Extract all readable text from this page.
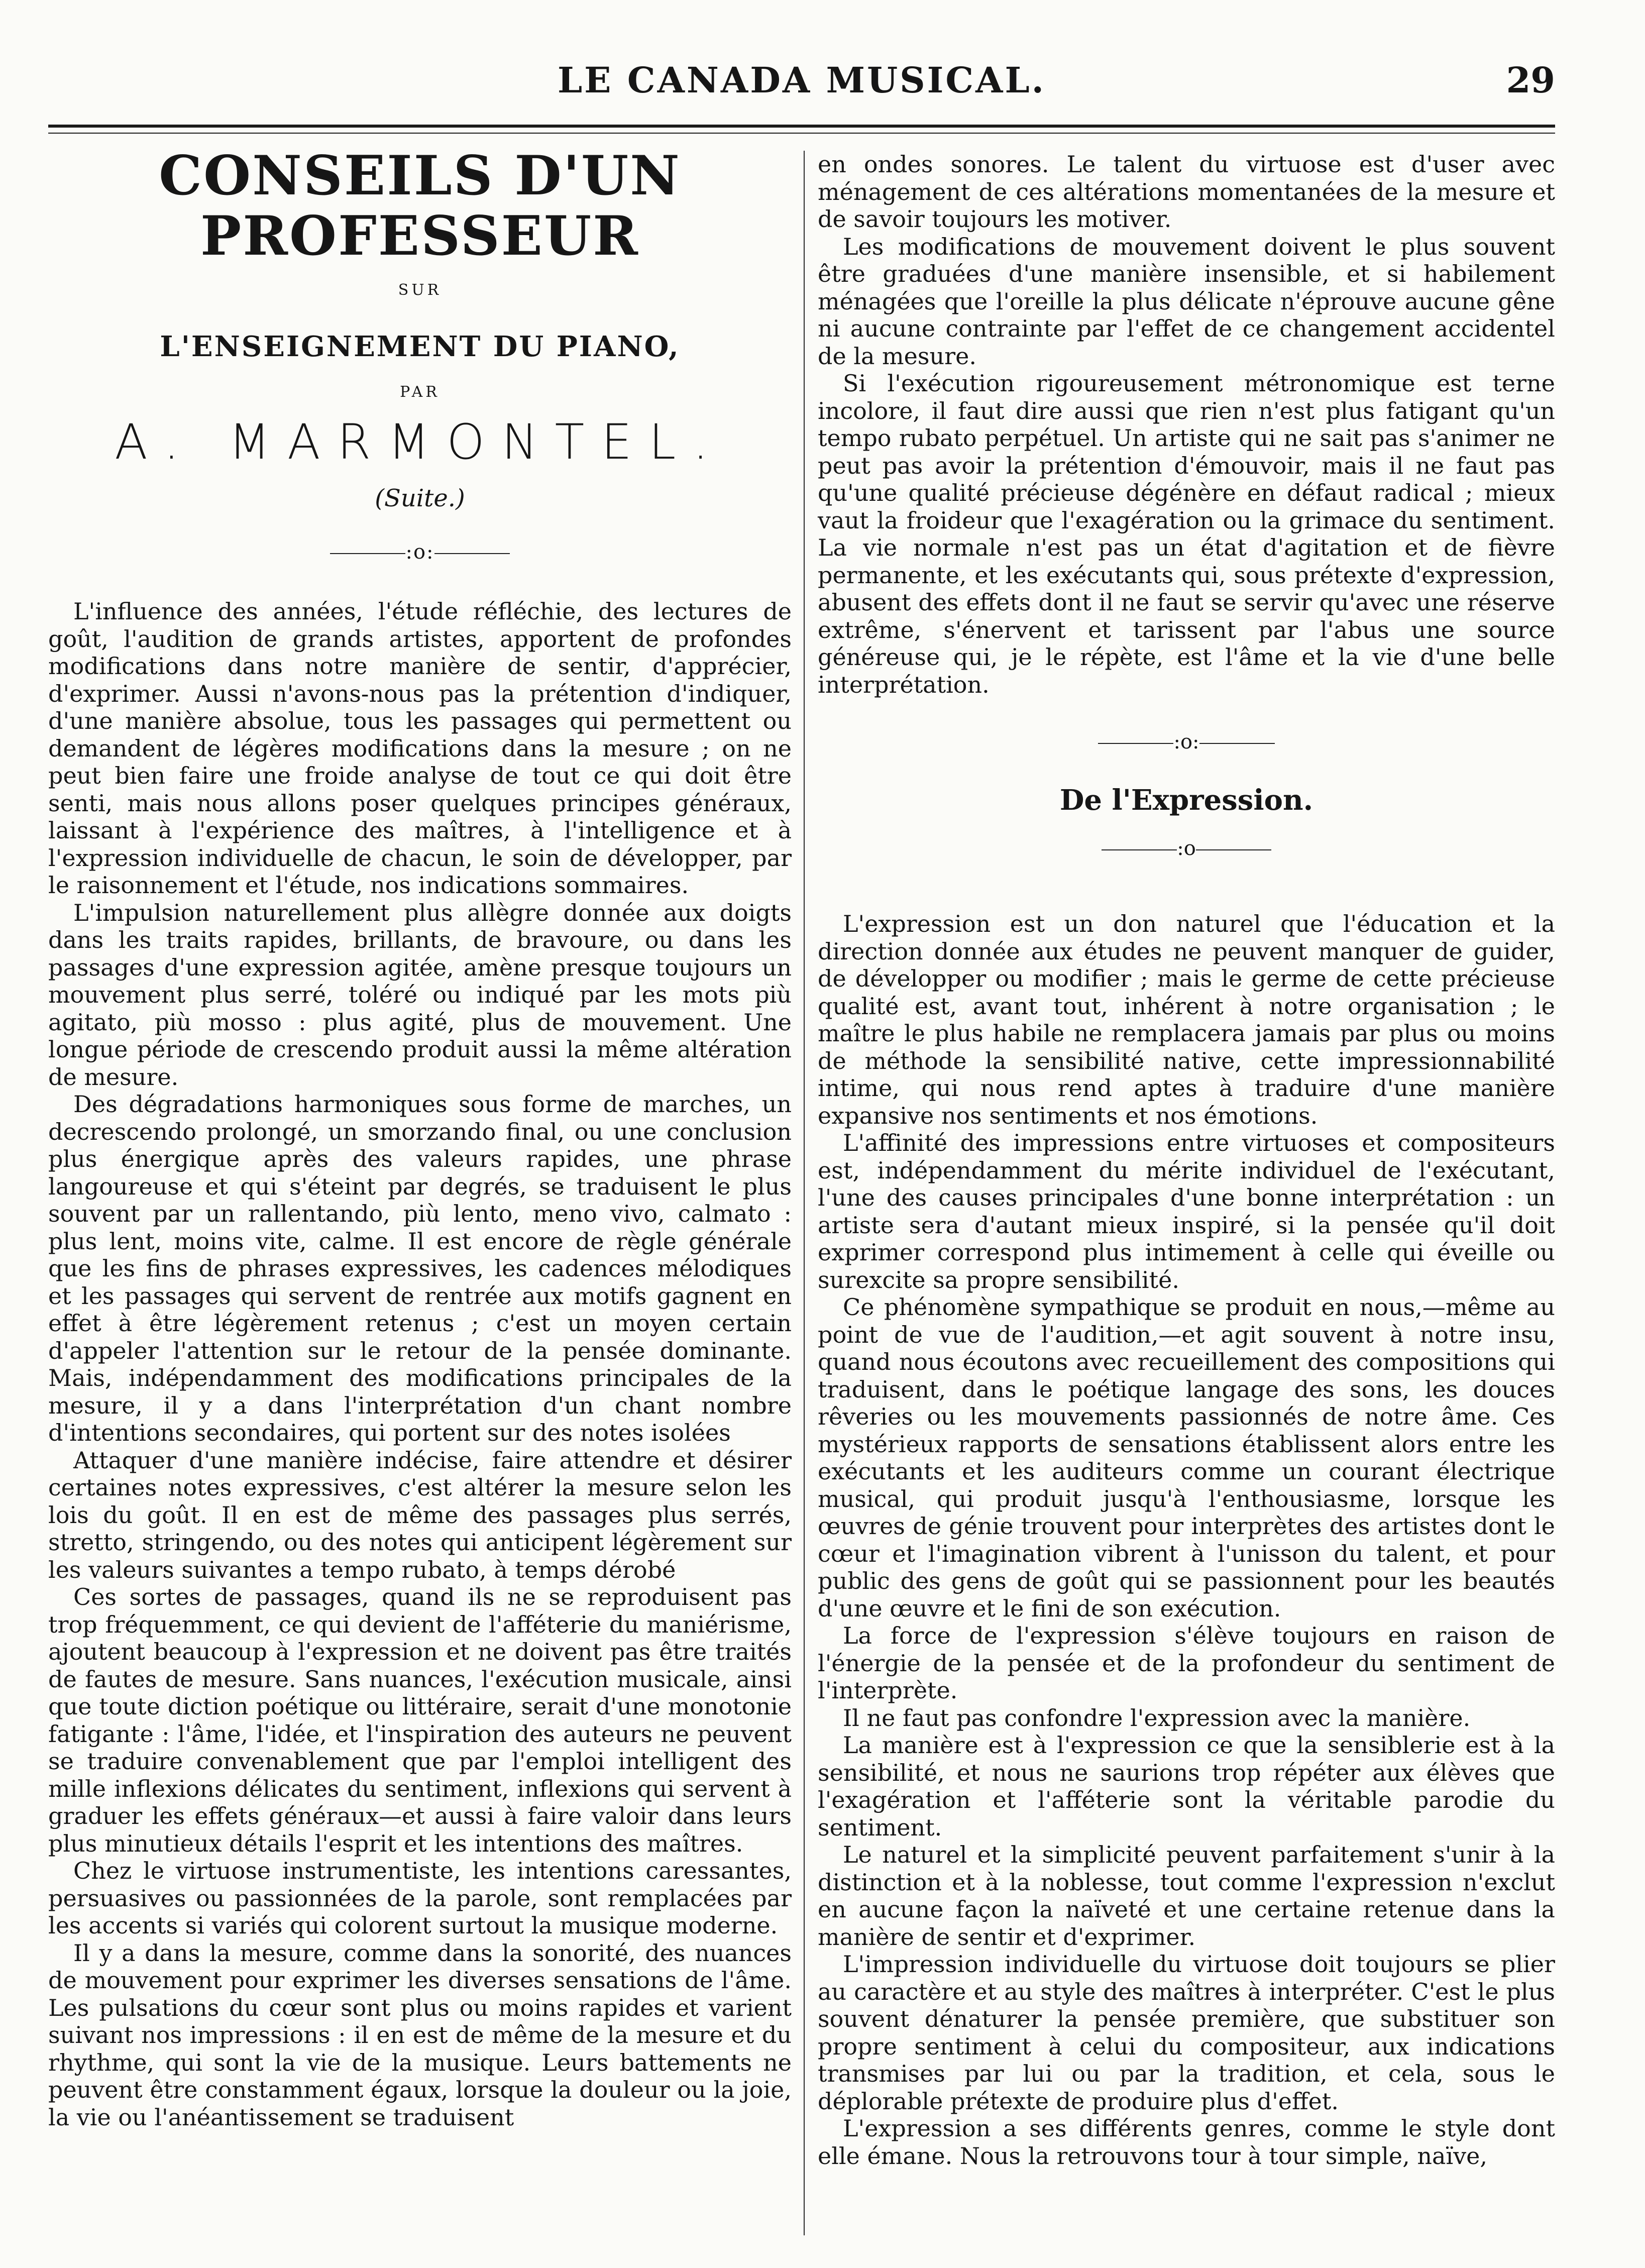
LE CANADA MUSICAL.	29
CONSEILS D'UN PROFESSEUR
SUR
L'ENSEIGNEMENT DU PIANO,
PAR
A. MARMONTEL.
(Suite.)
:o:

L'influence des années, l'étude réfléchie, des lectures de goût, l'audition de grands artistes, apportent de profondes modifications dans notre manière de sentir, d'apprécier, d'exprimer. Aussi n'avons-nous pas la prétention d'indiquer, d'une manière absolue, tous les passages qui permettent ou demandent de légères modifications dans la mesure ; on ne peut bien faire une froide analyse de tout ce qui doit être senti, mais nous allons poser quelques principes généraux, laissant à l'expérience des maîtres, à l'intelligence et à l'expression individuelle de chacun, le soin de développer, par le raisonnement et l'étude, nos indications sommaires.

L'impulsion naturellement plus allègre donnée aux doigts dans les traits rapides, brillants, de bravoure, ou dans les passages d'une expression agitée, amène presque toujours un mouvement plus serré, toléré ou indiqué par les mots più agitato, più mosso : plus agité, plus de mouvement. Une longue période de crescendo produit aussi la même altération de mesure.

Des dégradations harmoniques sous forme de marches, un decrescendo prolongé, un smorzando final, ou une conclusion plus énergique après des valeurs rapides, une phrase langoureuse et qui s'éteint par degrés, se traduisent le plus souvent par un rallentando, più lento, meno vivo, calmato : plus lent, moins vite, calme. Il est encore de règle générale que les fins de phrases expressives, les cadences mélodiques et les passages qui servent de rentrée aux motifs gagnent en effet à être légèrement retenus ; c'est un moyen certain d'appeler l'attention sur le retour de la pensée dominante. Mais, indépendamment des modifications principales de la mesure, il y a dans l'interprétation d'un chant nombre d'intentions secondaires, qui portent sur des notes isolées

Attaquer d'une manière indécise, faire attendre et désirer certaines notes expressives, c'est altérer la mesure selon les lois du goût. Il en est de même des passages plus serrés, stretto, stringendo, ou des notes qui anticipent légèrement sur les valeurs suivantes a tempo rubato, à temps dérobé

Ces sortes de passages, quand ils ne se reproduisent pas trop fréquemment, ce qui devient de l'afféterie du maniérisme, ajoutent beaucoup à l'expression et ne doivent pas être traités de fautes de mesure. Sans nuances, l'exécution musicale, ainsi que toute diction poétique ou littéraire, serait d'une monotonie fatigante : l'âme, l'idée, et l'inspiration des auteurs ne peuvent se traduire convenablement que par l'emploi intelligent des mille inflexions délicates du sentiment, inflexions qui servent à graduer les effets généraux—et aussi à faire valoir dans leurs plus minutieux détails l'esprit et les intentions des maîtres.

Chez le virtuose instrumentiste, les intentions caressantes, persuasives ou passionnées de la parole, sont remplacées par les accents si variés qui colorent surtout la musique moderne.

Il y a dans la mesure, comme dans la sonorité, des nuances de mouvement pour exprimer les diverses sensations de l'âme. Les pulsations du cœur sont plus ou moins rapides et varient suivant nos impressions : il en est de même de la mesure et du rhythme, qui sont la vie de la musique. Leurs battements ne peuvent être constamment égaux, lorsque la douleur ou la joie, la vie ou l'anéantissement se traduisent

en ondes sonores. Le talent du virtuose est d'user avec ménagement de ces altérations momentanées de la mesure et de savoir toujours les motiver.

Les modifications de mouvement doivent le plus souvent être graduées d'une manière insensible, et si habilement ménagées que l'oreille la plus délicate n'éprouve aucune gêne ni aucune contrainte par l'effet de ce changement accidentel de la mesure.

Si l'exécution rigoureusement métronomique est terne incolore, il faut dire aussi que rien n'est plus fatigant qu'un tempo rubato perpétuel. Un artiste qui ne sait pas s'animer ne peut pas avoir la prétention d'émouvoir, mais il ne faut pas qu'une qualité précieuse dégénère en défaut radical ; mieux vaut la froideur que l'exagération ou la grimace du sentiment. La vie normale n'est pas un état d'agitation et de fièvre permanente, et les exécutants qui, sous prétexte d'expression, abusent des effets dont il ne faut se servir qu'avec une réserve extrême, s'énervent et tarissent par l'abus une source généreuse qui, je le répète, est l'âme et la vie d'une belle interprétation.

:o:
De l'Expression.
:o

L'expression est un don naturel que l'éducation et la direction donnée aux études ne peuvent manquer de guider, de développer ou modifier ; mais le germe de cette précieuse qualité est, avant tout, inhérent à notre organisation ; le maître le plus habile ne remplacera jamais par plus ou moins de méthode la sensibilité native, cette impressionnabilité intime, qui nous rend aptes à traduire d'une manière expansive nos sentiments et nos émotions.

L'affinité des impressions entre virtuoses et compositeurs est, indépendamment du mérite individuel de l'exécutant, l'une des causes principales d'une bonne interprétation : un artiste sera d'autant mieux inspiré, si la pensée qu'il doit exprimer correspond plus intimement à celle qui éveille ou surexcite sa propre sensibilité.

Ce phénomène sympathique se produit en nous,—même au point de vue de l'audition,—et agit souvent à notre insu, quand nous écoutons avec recueillement des compositions qui traduisent, dans le poétique langage des sons, les douces rêveries ou les mouvements passionnés de notre âme. Ces mystérieux rapports de sensations établissent alors entre les exécutants et les auditeurs comme un courant électrique musical, qui produit jusqu'à l'enthousiasme, lorsque les œuvres de génie trouvent pour interprètes des artistes dont le cœur et l'imagination vibrent à l'unisson du talent, et pour public des gens de goût qui se passionnent pour les beautés d'une œuvre et le fini de son exécution.

La force de l'expression s'élève toujours en raison de l'énergie de la pensée et de la profondeur du sentiment de l'interprète.

Il ne faut pas confondre l'expression avec la manière.

La manière est à l'expression ce que la sensiblerie est à la sensibilité, et nous ne saurions trop répéter aux élèves que l'exagération et l'afféterie sont la véritable parodie du sentiment.

Le naturel et la simplicité peuvent parfaitement s'unir à la distinction et à la noblesse, tout comme l'expression n'exclut en aucune façon la naïveté et une certaine retenue dans la manière de sentir et d'exprimer.

L'impression individuelle du virtuose doit toujours se plier au caractère et au style des maîtres à interpréter. C'est le plus souvent dénaturer la pensée première, que substituer son propre sentiment à celui du compositeur, aux indications transmises par lui ou par la tradition, et cela, sous le déplorable prétexte de produire plus d'effet.

L'expression a ses différents genres, comme le style dont elle émane. Nous la retrouvons tour à tour simple, naïve,
